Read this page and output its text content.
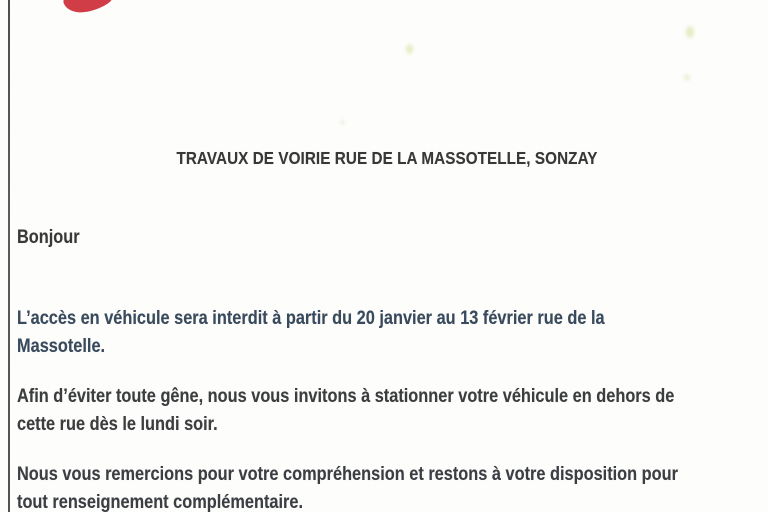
TRAVAUX DE VOIRIE RUE DE LA MASSOTELLE, SONZAY
Bonjour
L’accès en véhicule sera interdit à partir du 20 janvier au 13 février rue de la
Massotelle.
Afin d’éviter toute gêne, nous vous invitons à stationner votre véhicule en dehors de
cette rue dès le lundi soir.
Nous vous remercions pour votre compréhension et restons à votre disposition pour
tout renseignement complémentaire.
